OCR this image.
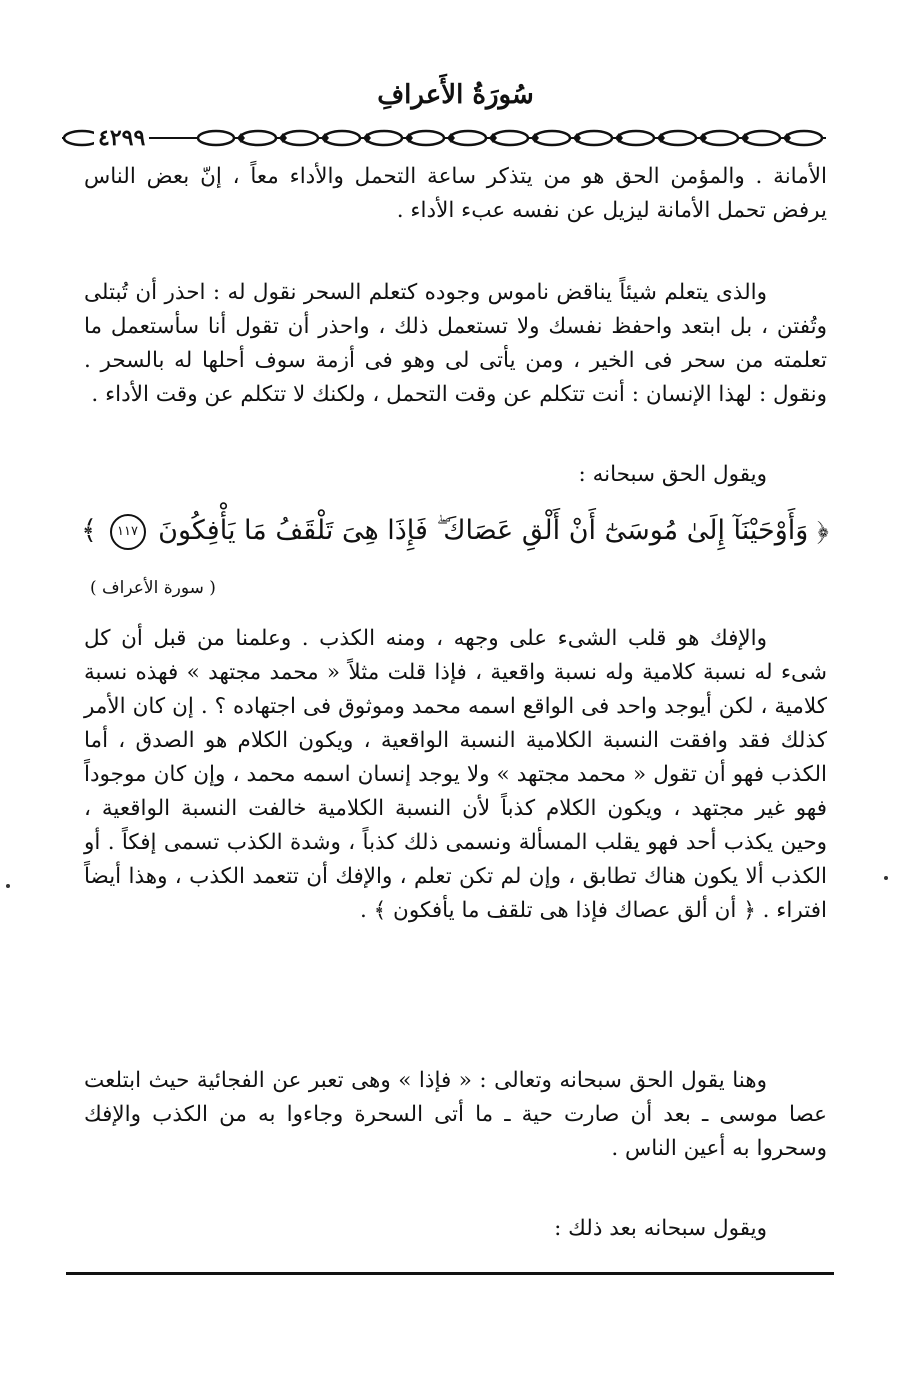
سُورَةُ الأَعرافِ
٤٢٩٩

الأمانة . والمؤمن الحق هو من يتذكر ساعة التحمل والأداء معاً ، إنّ بعض الناس يرفض تحمل الأمانة ليزيل عن نفسه عبء الأداء .

والذى يتعلم شيئاً يناقض ناموس وجوده كتعلم السحر نقول له : احذر أن تُبتلى وتُفتن ، بل ابتعد واحفظ نفسك ولا تستعمل ذلك ، واحذر أن تقول أنا سأستعمل ما تعلمته من سحر فى الخير ، ومن يأتى لى وهو فى أزمة سوف أحلها له بالسحر . ونقول : لهذا الإنسان : أنت تتكلم عن وقت التحمل ، ولكنك لا تتكلم عن وقت الأداء .

ويقول الحق سبحانه :

﴿ وَأَوْحَيْنَآ إِلَىٰ مُوسَىٰٓ أَنْ أَلْقِ عَصَاكَ ۖ فَإِذَا هِىَ تَلْقَفُ مَا يَأْفِكُونَ ١١٧ ﴾
( سورة الأعراف )

والإفك هو قلب الشىء على وجهه ، ومنه الكذب . وعلمنا من قبل أن كل شىء له نسبة كلامية وله نسبة واقعية ، فإذا قلت مثلاً « محمد مجتهد » فهذه نسبة كلامية ، لكن أيوجد واحد فى الواقع اسمه محمد وموثوق فى اجتهاده ؟ . إن كان الأمر كذلك فقد وافقت النسبة الكلامية النسبة الواقعية ، ويكون الكلام هو الصدق ، أما الكذب فهو أن تقول « محمد مجتهد » ولا يوجد إنسان اسمه محمد ، وإن كان موجوداً فهو غير مجتهد ، ويكون الكلام كذباً لأن النسبة الكلامية خالفت النسبة الواقعية ، وحين يكذب أحد فهو يقلب المسألة ونسمى ذلك كذباً ، وشدة الكذب تسمى إفكاً . أو الكذب ألا يكون هناك تطابق ، وإن لم تكن تعلم ، والإفك أن تتعمد الكذب ، وهذا أيضاً افتراء . ﴿ أن ألق عصاك فإذا هى تلقف ما يأفكون ﴾ .

وهنا يقول الحق سبحانه وتعالى : « فإذا » وهى تعبر عن الفجائية حيث ابتلعت عصا موسى ـ بعد أن صارت حية ـ ما أتى السحرة وجاءوا به من الكذب والإفك وسحروا به أعين الناس .

ويقول سبحانه بعد ذلك :
